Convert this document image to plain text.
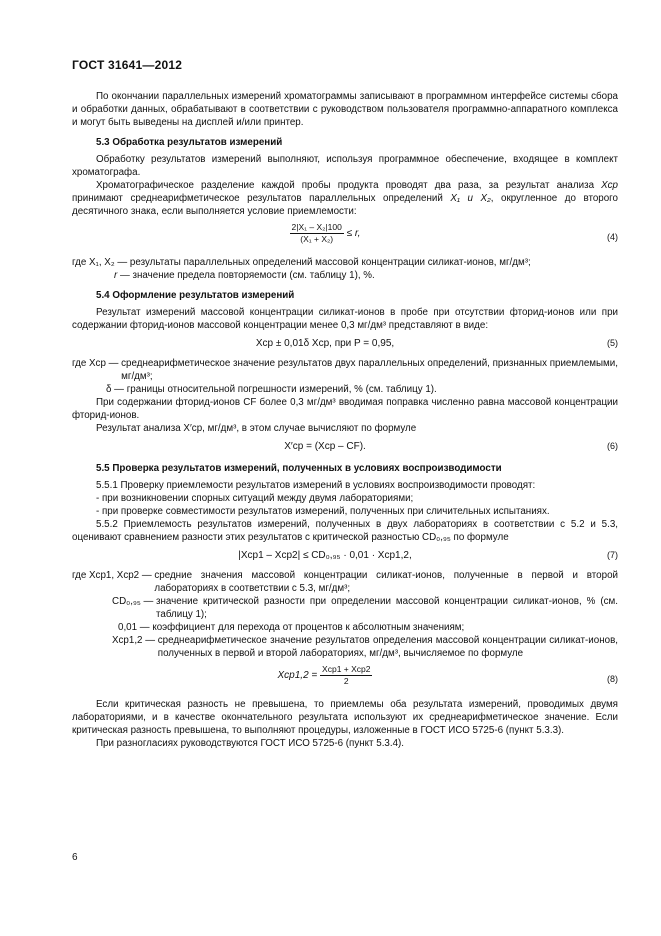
ГОСТ 31641—2012

По окончании параллельных измерений хроматограммы записывают в программном интерфейсе системы сбора и обработки данных, обрабатывают в соответствии с руководством пользователя программно-аппаратного комплекса и могут быть выведены на дисплей и/или принтер.

5.3 Обработка результатов измерений

Обработку результатов измерений выполняют, используя программное обеспечение, входящее в комплект хроматографа.

Хроматографическое разделение каждой пробы продукта проводят два раза, за результат анализа Xср принимают среднеарифметическое результатов параллельных определений X₁ и X₂, округленное до второго десятичного знака, если выполняется условие приемлемости:

$\frac{\text{2|X₁ – X₂|100}}{\text{(X₁ + X₂)}} \le r$,	(4)
где X₁, X₂ —
результаты параллельных определений массовой концентрации силикат-ионов, мг/дм³;
r —
значение предела повторяемости (см. таблицу 1), %.
5.4 Оформление результатов измерений

Результат измерений массовой концентрации силикат-ионов в пробе при отсутствии фторид-ионов или при содержании фторид-ионов массовой концентрации менее 0,3 мг/дм³ представляют в виде:

Xср ± 0,01δ Xср, при P = 0,95,	(5)
где Xср —
среднеарифметическое значение результатов двух параллельных определений, признанных приемлемыми, мг/дм³;
δ —
границы относительной погрешности измерений, % (см. таблицу 1).

При содержании фторид-ионов CF более 0,3 мг/дм³ вводимая поправка численно равна массовой концентрации фторид-ионов.

Результат анализа X′ср, мг/дм³, в этом случае вычисляют по формуле

X′ср = (Xср – CF).	(6)
5.5 Проверка результатов измерений, полученных в условиях воспроизводимости

5.5.1 Проверку приемлемости результатов измерений в условиях воспроизводимости проводят:

- при возникновении спорных ситуаций между двумя лабораториями;

- при проверке совместимости результатов измерений, полученных при сличительных испытаниях.

5.5.2 Приемлемость результатов измерений, полученных в двух лабораториях в соответствии с 5.2 и 5.3, оценивают сравнением разности этих результатов с критической разностью CD₀,₉₅ по формуле

|Xср1 – Xср2| ≤ CD₀,₉₅ · 0,01 · Xср1,2,	(7)
где Xср1, Xср2 —
средние значения массовой концентрации силикат-ионов, полученные в первой и второй лабораториях в соответствии с 5.3, мг/дм³;
CD₀,₉₅ —
значение критической разности при определении массовой концентрации силикат-ионов, % (см. таблицу 1);
0,01 —
коэффициент для перехода от процентов к абсолютным значениям;
Xср1,2 —
среднеарифметическое значение результатов определения массовой концентрации силикат-ионов, полученных в первой и второй лабораториях, мг/дм³, вычисляемое по формуле
$Xср1,2 = \frac{\text{Xср1 + Xср2}}{2}$	(8)

Если критическая разность не превышена, то приемлемы оба результата измерений, проводимых двумя лабораториями, и в качестве окончательного результата используют их среднеарифметическое значение. Если критическая разность превышена, то выполняют процедуры, изложенные в ГОСТ ИСО 5725-6 (пункт 5.3.3).

При разногласиях руководствуются ГОСТ ИСО 5725-6 (пункт 5.3.4).

6
